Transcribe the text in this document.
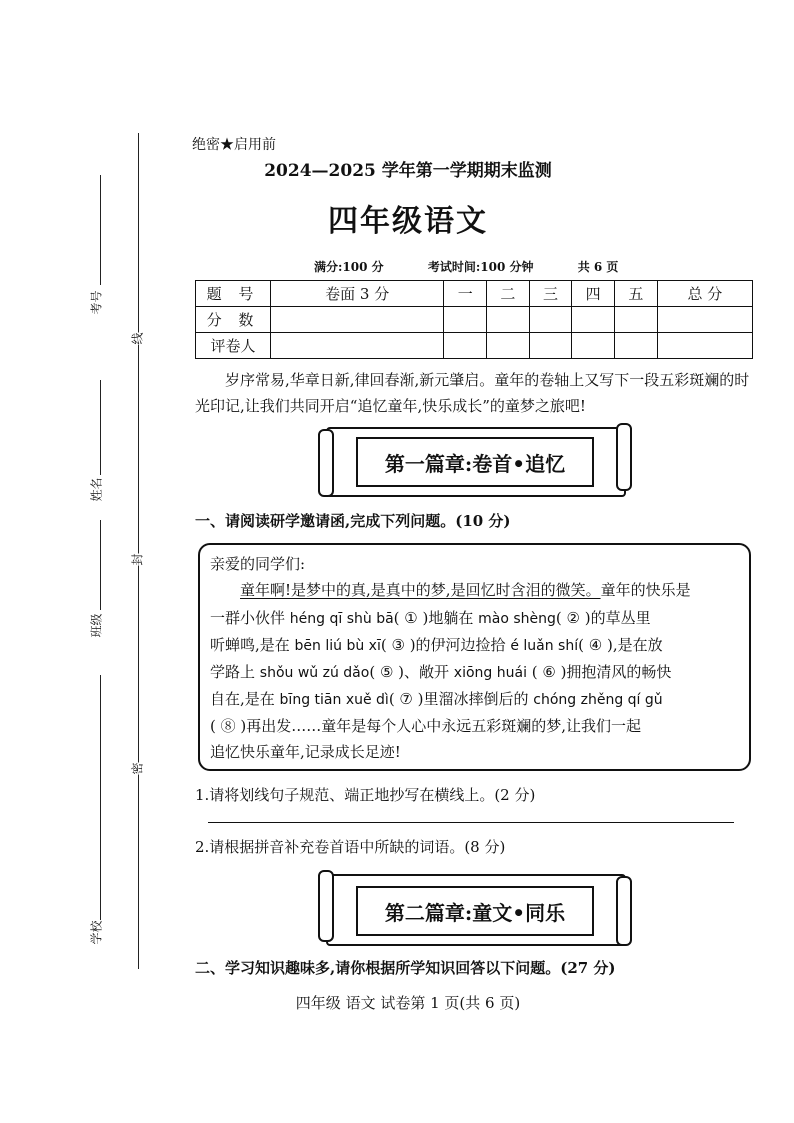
考号
姓名
班级
学校
线
封
密
绝密★启用前
2024—2025 学年第一学期期末监测
四年级语文
满分:100 分	考试时间:100 分钟	共 6 页
题 号	卷面 3 分	一	二	三	四	五	总 分
分 数							
评卷人							
岁序常易,华章日新,律回春渐,新元肇启。童年的卷轴上又写下一段五彩斑斓的时光印记,让我们共同开启“追忆童年,快乐成长”的童梦之旅吧!
第一篇章:卷首•追忆
一、请阅读研学邀请函,完成下列问题。(10 分)
亲爱的同学们:
童年啊!是梦中的真,是真中的梦,是回忆时含泪的微笑。童年的快乐是
一群小伙伴 héng qī shù bā( ① )地躺在 mào shèng( ② )的草丛里
听蝉鸣,是在 bēn liú bù xī( ③ )的伊河边捡拾 é luǎn shí( ④ ),是在放
学路上 shǒu wǔ zú dǎo( ⑤ )、敞开 xiōng huái ( ⑥ )拥抱清风的畅快
自在,是在 bīng tiān xuě dì( ⑦ )里溜冰摔倒后的 chóng zhěng qí gǔ
( ⑧ )再出发……童年是每个人心中永远五彩斑斓的梦,让我们一起
追忆快乐童年,记录成长足迹!
1.请将划线句子规范、端正地抄写在横线上。(2 分)
2.请根据拼音补充卷首语中所缺的词语。(8 分)
第二篇章:童文•同乐
二、学习知识趣味多,请你根据所学知识回答以下问题。(27 分)
四年级 语文 试卷第 1 页(共 6 页)
